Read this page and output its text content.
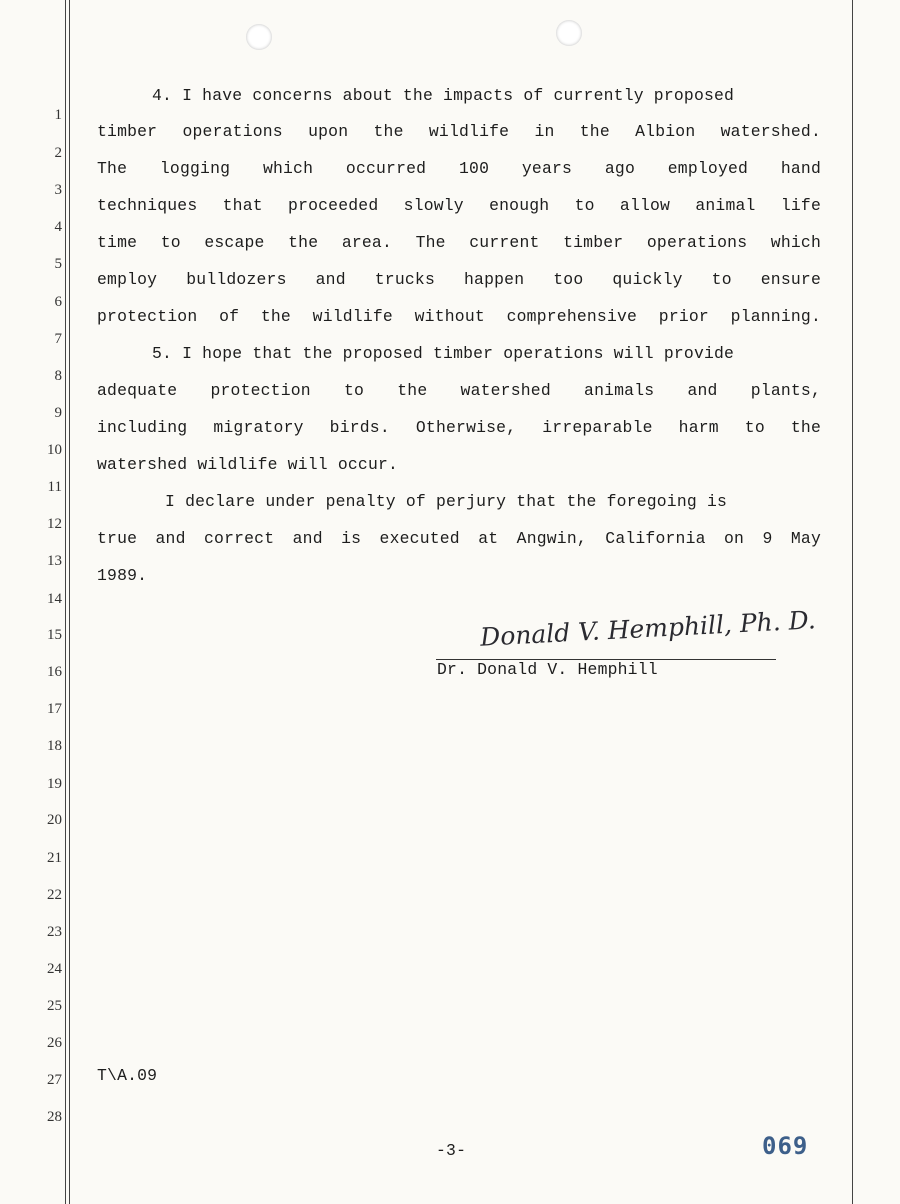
1
2
3
4
5
6
7
8
9
10
11
12
13
14
15
16
17
18
19
20
21
22
23
24
25
26
27
28
4. I have concerns about the impacts of currently proposed
timber operations upon the wildlife in the Albion watershed.
The logging which occurred 100 years ago employed hand
techniques that proceeded slowly enough to allow animal life
time to escape the area. The current timber operations which
employ bulldozers and trucks happen too quickly to ensure
protection of the wildlife without comprehensive prior planning.
5. I hope that the proposed timber operations will provide
adequate protection to the watershed animals and plants,
including migratory birds. Otherwise, irreparable harm to the
watershed wildlife will occur.
I declare under penalty of perjury that the foregoing is
true and correct and is executed at Angwin, California on 9 May
1989.
Donald V. Hemphill, Ph. D.
Dr. Donald V. Hemphill
T\A.09
-3-	069
